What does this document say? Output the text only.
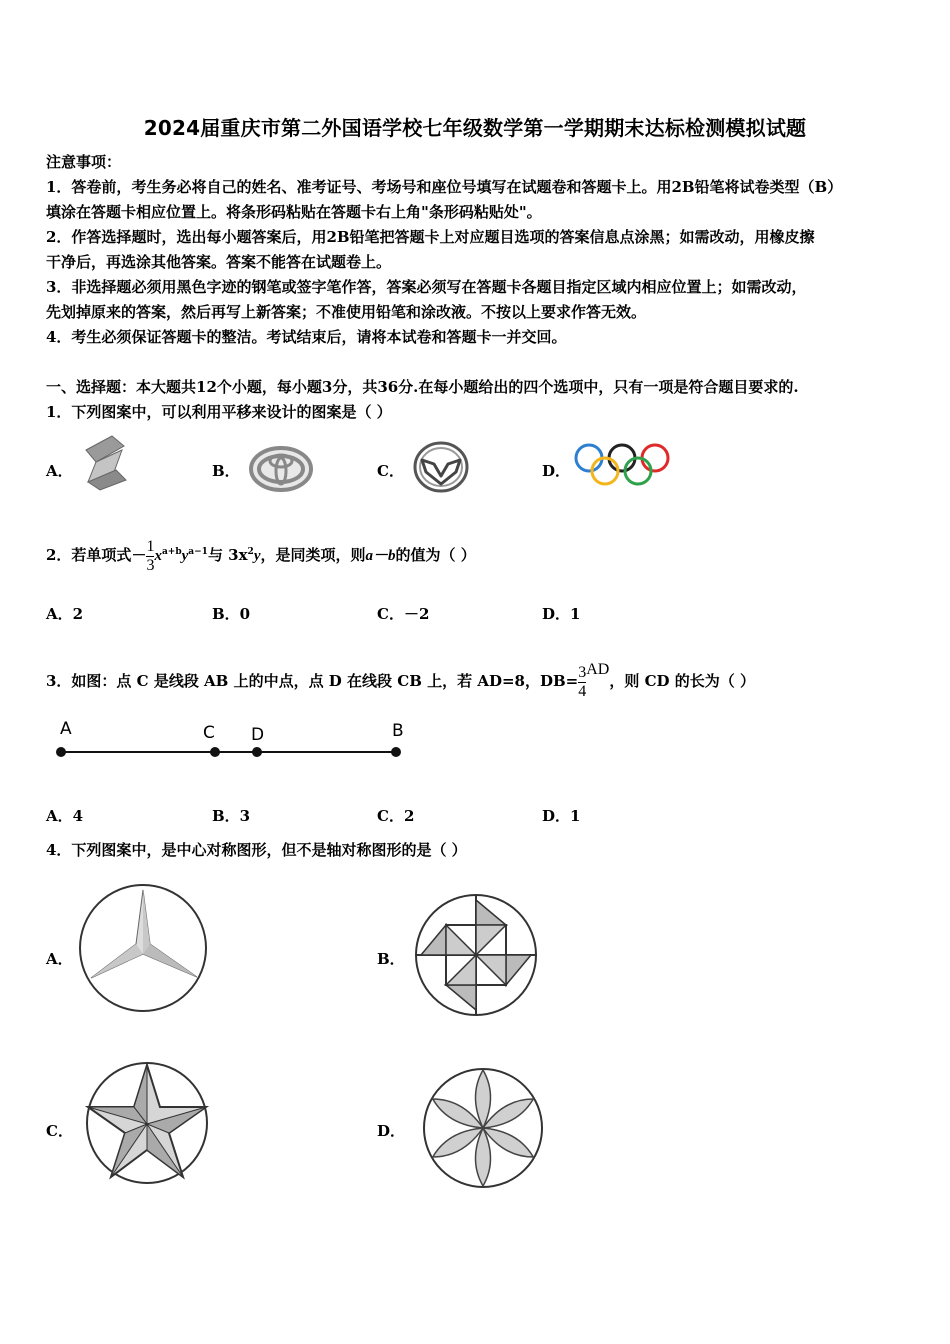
2024届重庆市第二外国语学校七年级数学第一学期期末达标检测模拟试题
注意事项：
1．答卷前，考生务必将自己的姓名、准考证号、考场号和座位号填写在试题卷和答题卡上。用2B铅笔将试卷类型（B）
填涂在答题卡相应位置上。将条形码粘贴在答题卡右上角"条形码粘贴处"。
2．作答选择题时，选出每小题答案后，用2B铅笔把答题卡上对应题目选项的答案信息点涂黑；如需改动，用橡皮擦
干净后，再选涂其他答案。答案不能答在试题卷上。
3．非选择题必须用黑色字迹的钢笔或签字笔作答，答案必须写在答题卡各题目指定区域内相应位置上；如需改动，
先划掉原来的答案，然后再写上新答案；不准使用铅笔和涂改液。不按以上要求作答无效。
4．考生必须保证答题卡的整洁。考试结束后，请将本试卷和答题卡一并交回。
一、选择题：本大题共12个小题，每小题3分，共36分.在每小题给出的四个选项中，只有一项是符合题目要求的.
1．下列图案中，可以利用平移来设计的图案是（ ）
A．	B．	C．	D．
2．若单项式－ $\frac{1}{3} x^{a+b}y^{a-1}$与 $3x^2y$，是同类项，则a－b的值为（ ）
A．2	B．0	C．－2	D．1
3．如图：点 C 是线段 AB 上的中点，点 D 在线段 CB 上，若 AD=8，$DB= \frac{3}{4}$ AD，则 CD 的长为（ ）
A	C D	B
A．4	B．3	C．2	D．1
4．下列图案中，是中心对称图形，但不是轴对称图形的是（ ）
A．	B．
C．	D．
